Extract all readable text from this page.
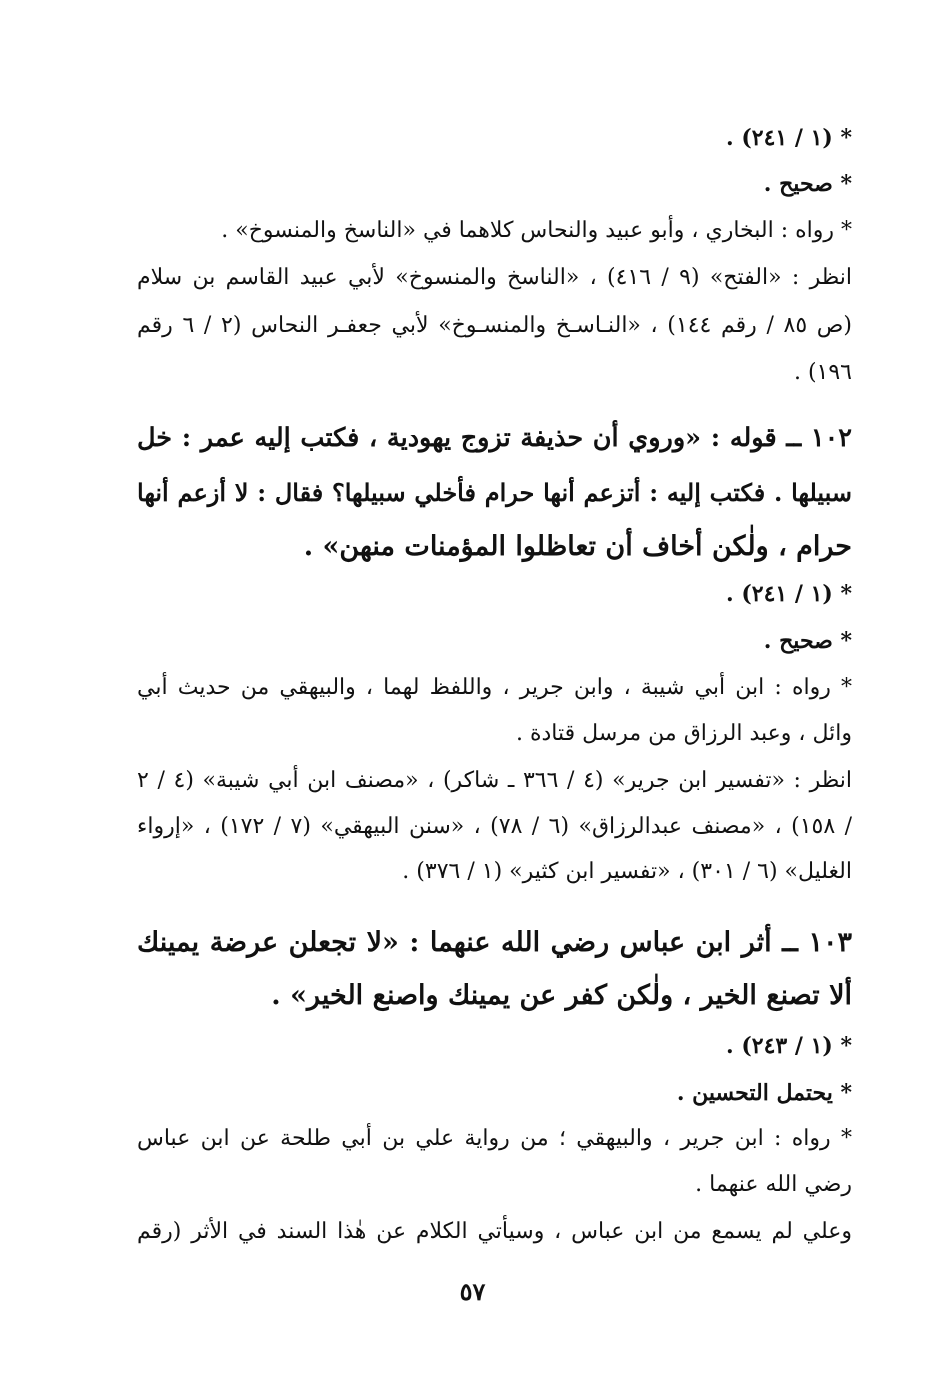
* (١ / ٢٤١) .
* صحيح .
* رواه : البخاري ، وأبو عبيد والنحاس كلاهما في «الناسخ والمنسوخ» .
انظر : «الفتح» (٩ / ٤١٦) ، «الناسخ والمنسوخ» لأبي عبيد القاسم بن سلام
(ص ٨٥ / رقم ١٤٤) ، «النـاسـخ والمنسـوخ» لأبي جعفـر النحاس (٢ / ٦ رقم
١٩٦) .
١٠٢ ــ قوله : «وروي أن حذيفة تزوج يهودية ، فكتب إليه عمر : خل
سبيلها . فكتب إليه : أتزعم أنها حرام فأخلي سبيلها؟ فقال : لا أزعم أنها
حرام ، ولٰكن أخاف أن تعاظلوا المؤمنات منهن» .
* (١ / ٢٤١) .
* صحيح .
* رواه : ابن أبي شيبة ، وابن جرير ، واللفظ لهما ، والبيهقي من حديث أبي
وائل ، وعبد الرزاق من مرسل قتادة .
انظر : «تفسير ابن جرير» (٤ / ٣٦٦ ـ شاكر) ، «مصنف ابن أبي شيبة» (٤ / ٢
/ ١٥٨) ، «مصنف عبدالرزاق» (٦ / ٧٨) ، «سنن البيهقي» (٧ / ١٧٢) ، «إرواء
الغليل» (٦ / ٣٠١) ، «تفسير ابن كثير» (١ / ٣٧٦) .
١٠٣ ــ أثر ابن عباس رضي الله عنهما : «لا تجعلن عرضة يمينك
ألا تصنع الخير ، ولٰكن كفر عن يمينك واصنع الخير» .
* (١ / ٢٤٣) .
* يحتمل التحسين .
* رواه : ابن جرير ، والبيهقي ؛ من رواية علي بن أبي طلحة عن ابن عباس
رضي الله عنهما .
وعلي لم يسمع من ابن عباس ، وسيأتي الكلام عن هٰذا السند في الأثر (رقم
٥٧
